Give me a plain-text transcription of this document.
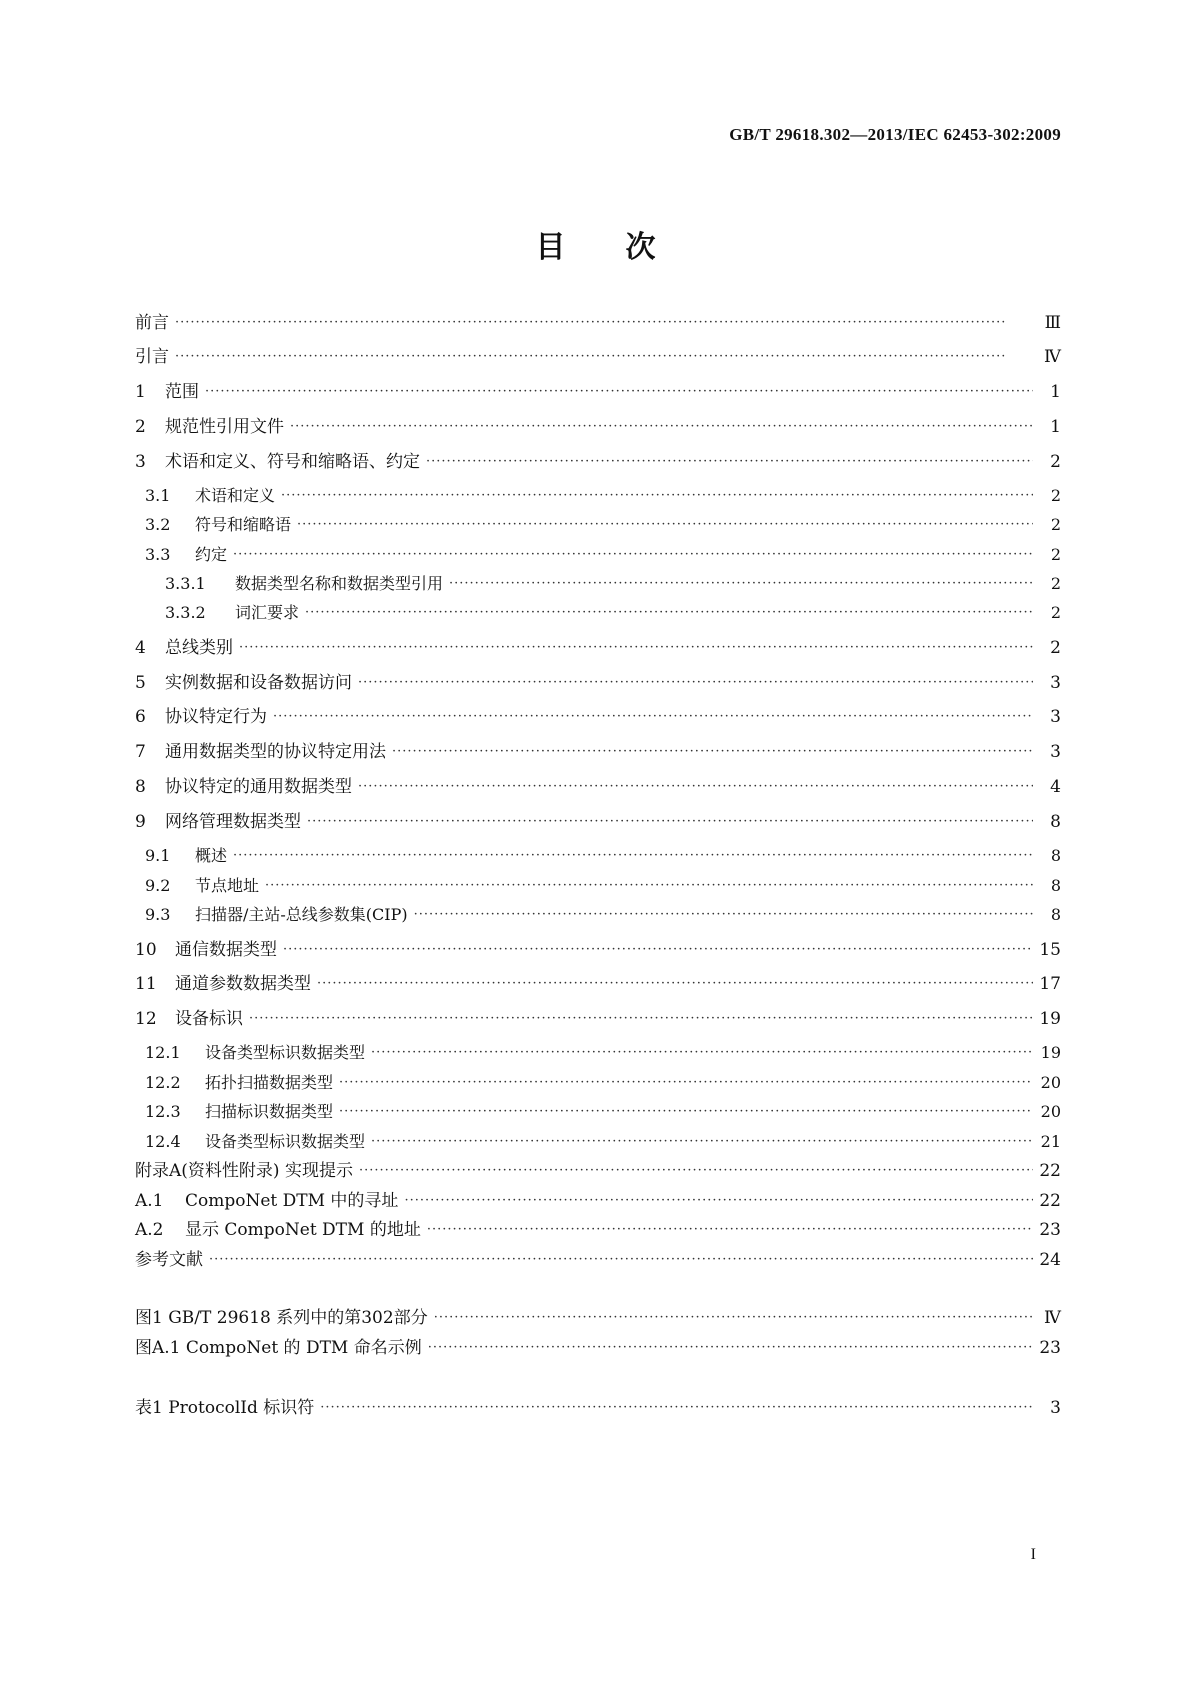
GB/T 29618.302—2013/IEC 62453-302:2009
目次
前言 ·····	Ⅲ
引言 ·····	Ⅳ
1	范围 ·····	1
2	规范性引用文件 ·····	1
3	术语和定义、符号和缩略语、约定 ·····	2
3.1	术语和定义 ·····	2
3.2	符号和缩略语 ·····	2
3.3	约定 ·····	2
3.3.1	数据类型名称和数据类型引用 ·····	2
3.3.2	词汇要求 ·····	2
4	总线类别 ·····	2
5	实例数据和设备数据访问 ·····	3
6	协议特定行为 ·····	3
7	通用数据类型的协议特定用法 ·····	3
8	协议特定的通用数据类型 ·····	4
9	网络管理数据类型 ·····	8
9.1	概述 ·····	8
9.2	节点地址 ·····	8
9.3	扫描器/主站-总线参数集(CIP) ·····	8
10	通信数据类型 ·····	15
11	通道参数数据类型 ·····	17
12	设备标识 ·····	19
12.1	设备类型标识数据类型 ·····	19
12.2	拓扑扫描数据类型 ·····	20
12.3	扫描标识数据类型 ·····	20
12.4	设备类型标识数据类型 ·····	21
附录A(资料性附录) 实现提示 ·····	22
A.1	CompoNet DTM 中的寻址 ·····	22
A.2	显示 CompoNet DTM 的地址 ·····	23
参考文献 ·····	24
图1 GB/T 29618 系列中的第302部分 ·····	Ⅳ
图A.1 CompoNet 的 DTM 命名示例 ·····	23
表1 ProtocolId 标识符 ·····	3
I
